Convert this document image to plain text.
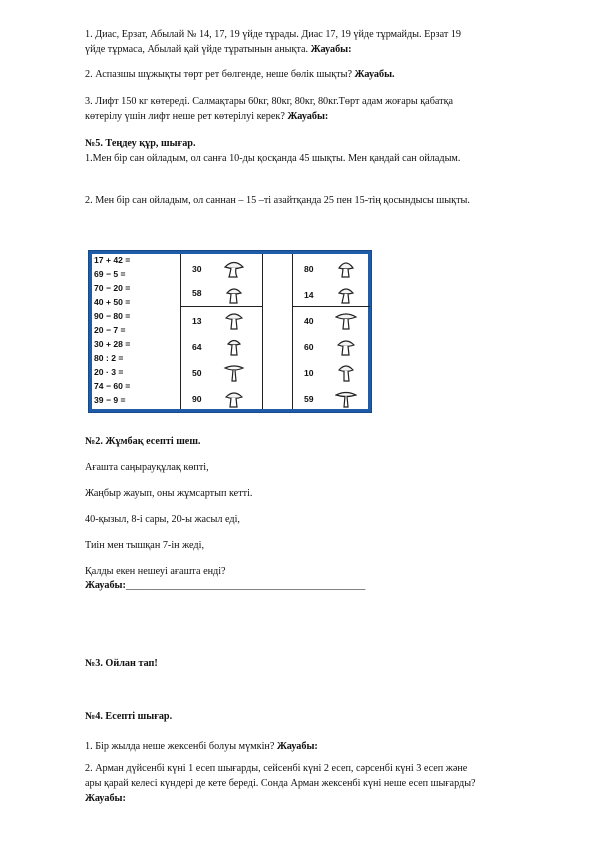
1. Диас, Ерзат, Абылай № 14, 17, 19 үйде тұрады. Диас 17, 19 үйде тұрмайды. Ерзат 19
үйде тұрмаса, Абылай қай үйде тұратынын анықта. Жауабы:
2. Аспазшы шұжықты төрт рет бөлгенде, неше бөлік шықты? Жауабы.
3. Лифт 150 кг көтереді. Салмақтары 60кг, 80кг, 80кг, 80кг.Төрт адам жоғары қабатқа
көтерілу үшін лифт неше рет көтерілуі керек? Жауабы:
№5. Теңдеу құр, шығар.
1.Мен бір сан ойладым, ол санға 10-ды қосқанда 45 шықты. Мен қандай сан ойладым.
2. Мен бір сан ойладым, ол саннан – 15 –ті азайтқанда 25 пен 15-тің қосындысы шықты.
17 + 42 =
69 − 5 =
70 − 20 =
40 + 50 =
90 − 80 =
20 − 7 =
30 + 28 =
80 : 2 =
20 · 3 =
74 − 60 =
39 − 9 =
30
58
13
64
50
90
80
14
40
60
10
59
№2. Жұмбақ есепті шеш.
Ағашта саңырауқұлақ көпті,
Жаңбыр жауып, оны жұмсартып кетті.
40-қызыл, 8-і сары, 20-ы жасыл еді,
Тиін мен тышқан 7-ін жеді,
Қалды екен нешеуі ағашта енді?
Жауабы:_______________________________________________
№3. Ойлан тап!
№4. Есепті шығар.
1. Бір жылда неше жексенбі болуы мүмкін? Жауабы:
2. Арман дүйсенбі күні 1 есеп шығарды, сейсенбі күні 2 есеп, сәрсенбі күні 3 есеп және
ары қарай келесі күндері де кете береді. Сонда Арман жексенбі күні неше есеп шығарды?
Жауабы:
